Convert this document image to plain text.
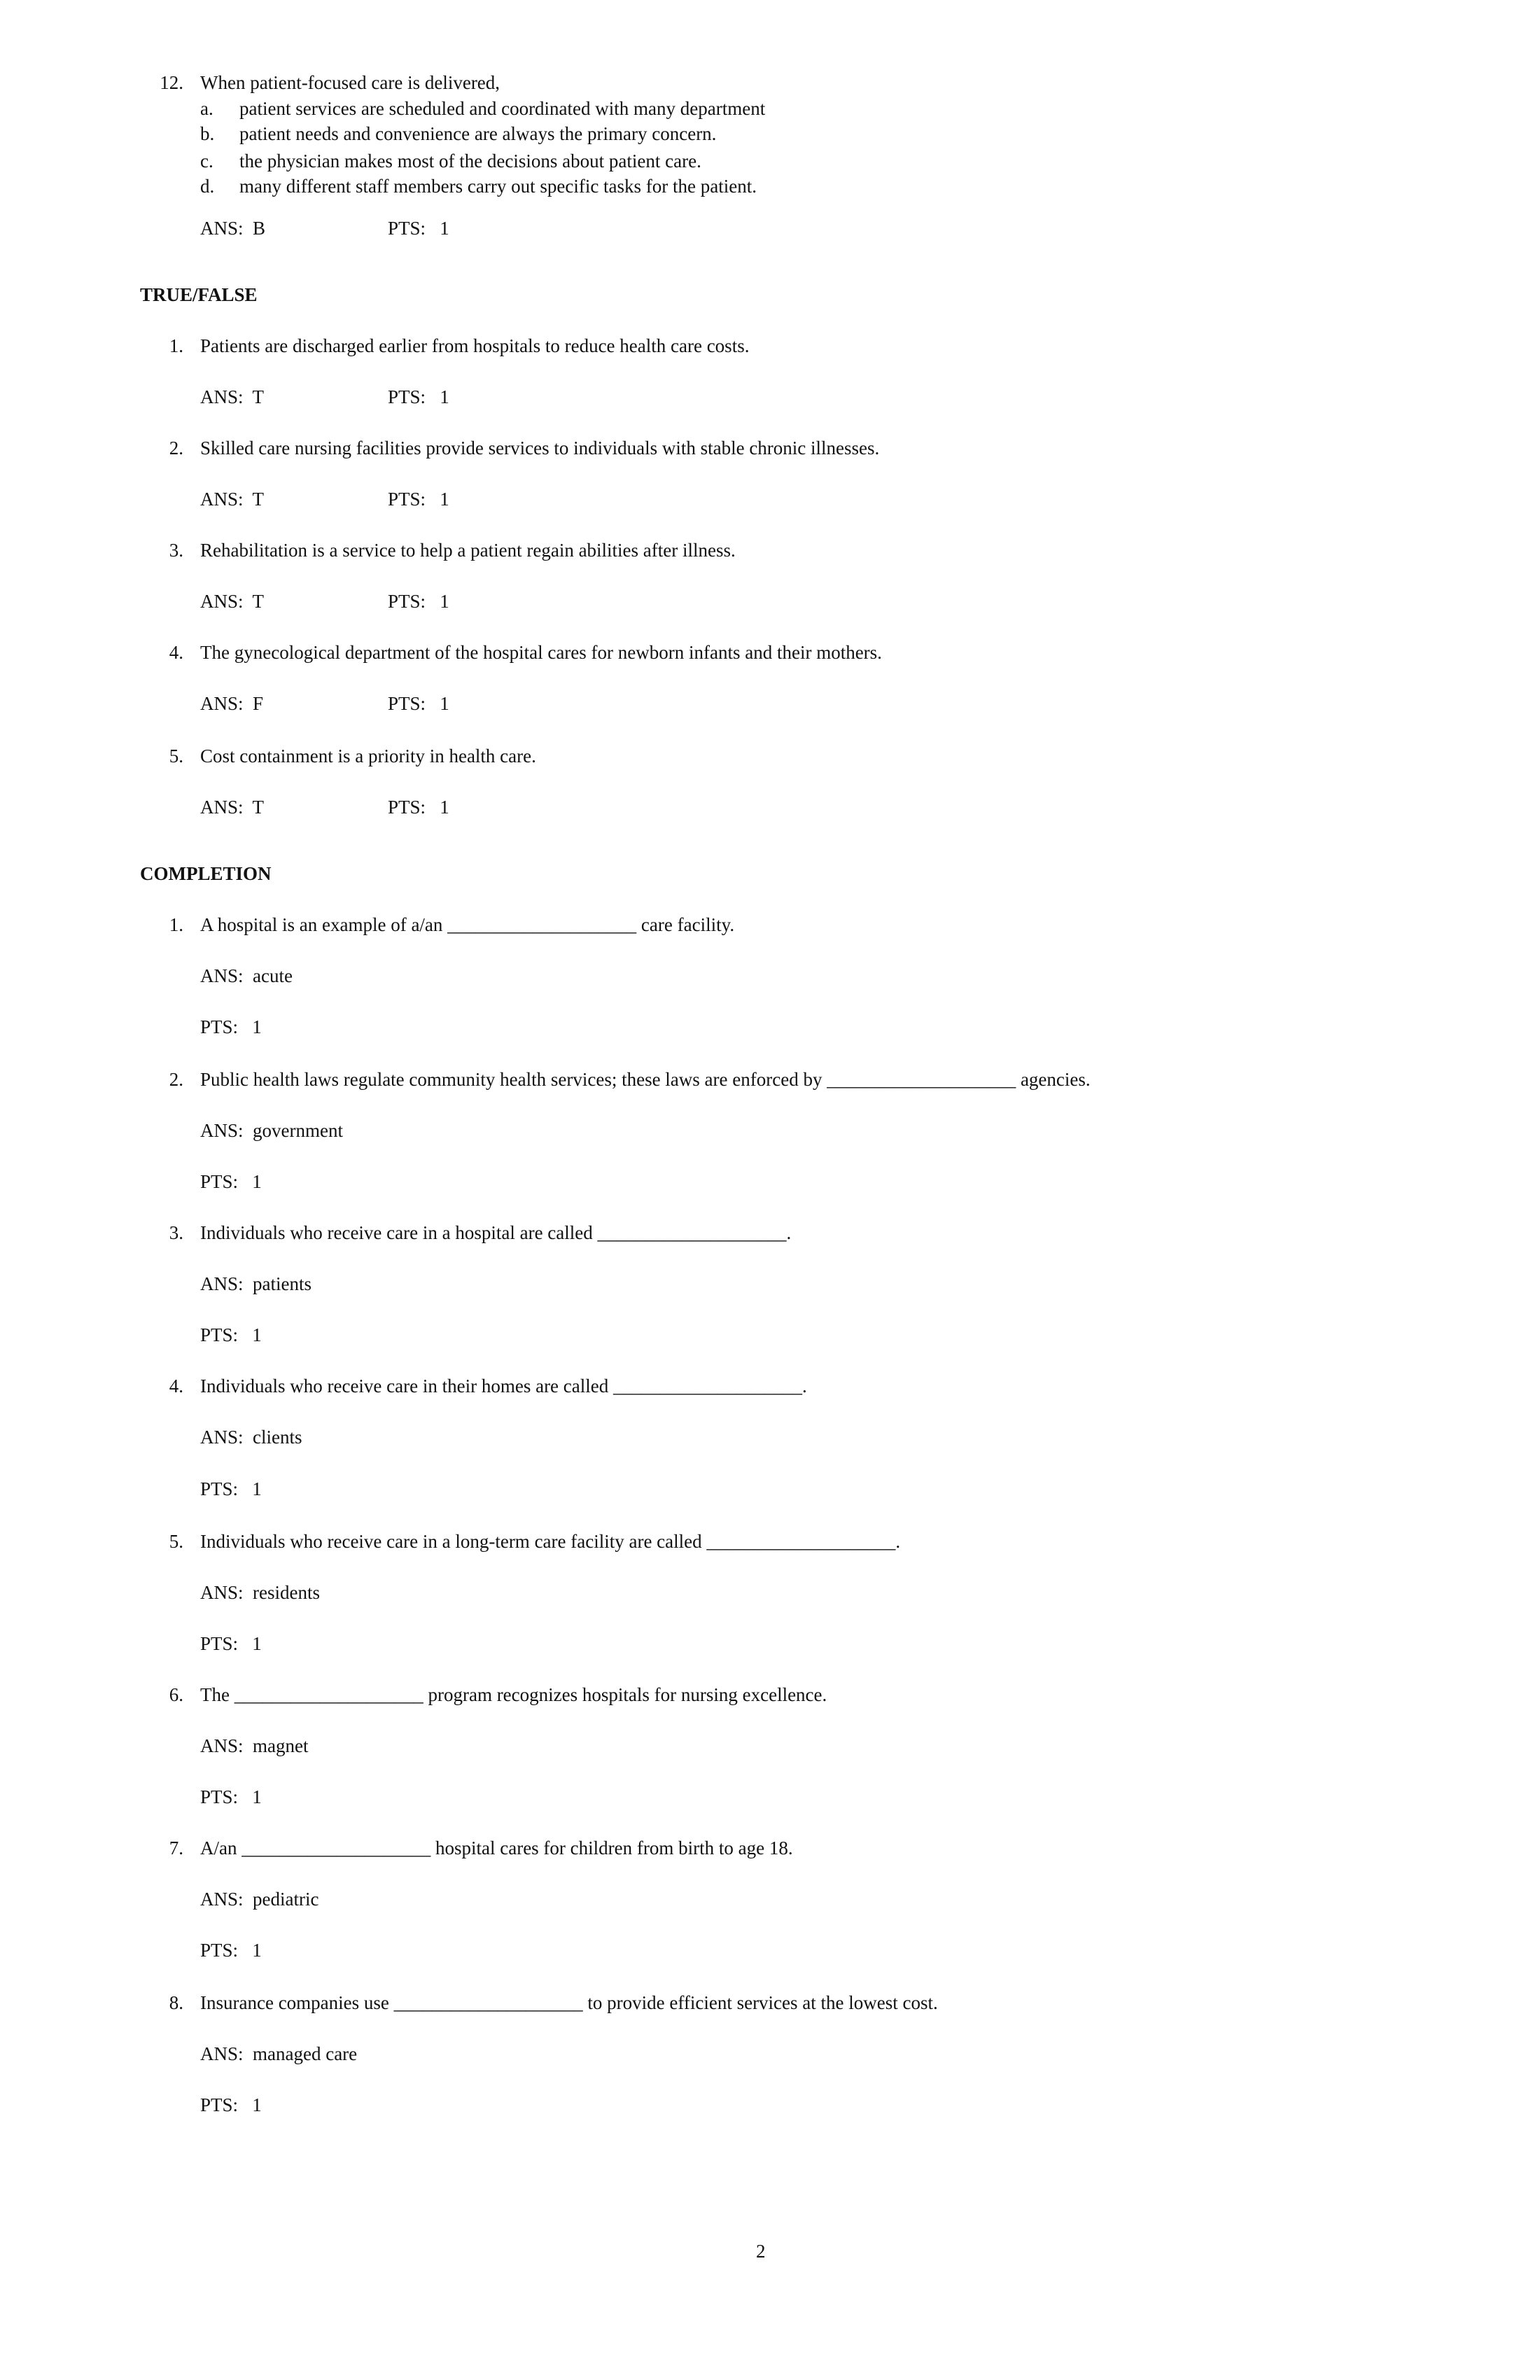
12. When patient-focused care is delivered,
a. patient services are scheduled and coordinated with many department
b. patient needs and convenience are always the primary concern.
c. the physician makes most of the decisions about patient care.
d. many different staff members carry out specific tasks for the patient.
ANS:  B	PTS:   1
TRUE/FALSE
1. Patients are discharged earlier from hospitals to reduce health care costs.
ANS:  T	PTS:   1
2. Skilled care nursing facilities provide services to individuals with stable chronic illnesses.
ANS:  T	PTS:   1
3. Rehabilitation is a service to help a patient regain abilities after illness.
ANS:  T	PTS:   1
4. The gynecological department of the hospital cares for newborn infants and their mothers.
ANS:  F	PTS:   1
5. Cost containment is a priority in health care.
ANS:  T	PTS:   1
COMPLETION
1. A hospital is an example of a/an ____________________ care facility.
ANS:  acute
PTS:   1
2. Public health laws regulate community health services; these laws are enforced by ____________________ agencies.
ANS:  government
PTS:   1
3. Individuals who receive care in a hospital are called ____________________.
ANS:  patients
PTS:   1
4. Individuals who receive care in their homes are called ____________________.
ANS:  clients
PTS:   1
5. Individuals who receive care in a long-term care facility are called ____________________.
ANS:  residents
PTS:   1
6. The ____________________ program recognizes hospitals for nursing excellence.
ANS:  magnet
PTS:   1
7. A/an ____________________ hospital cares for children from birth to age 18.
ANS:  pediatric
PTS:   1
8. Insurance companies use ____________________ to provide efficient services at the lowest cost.
ANS:  managed care
PTS:   1
2
